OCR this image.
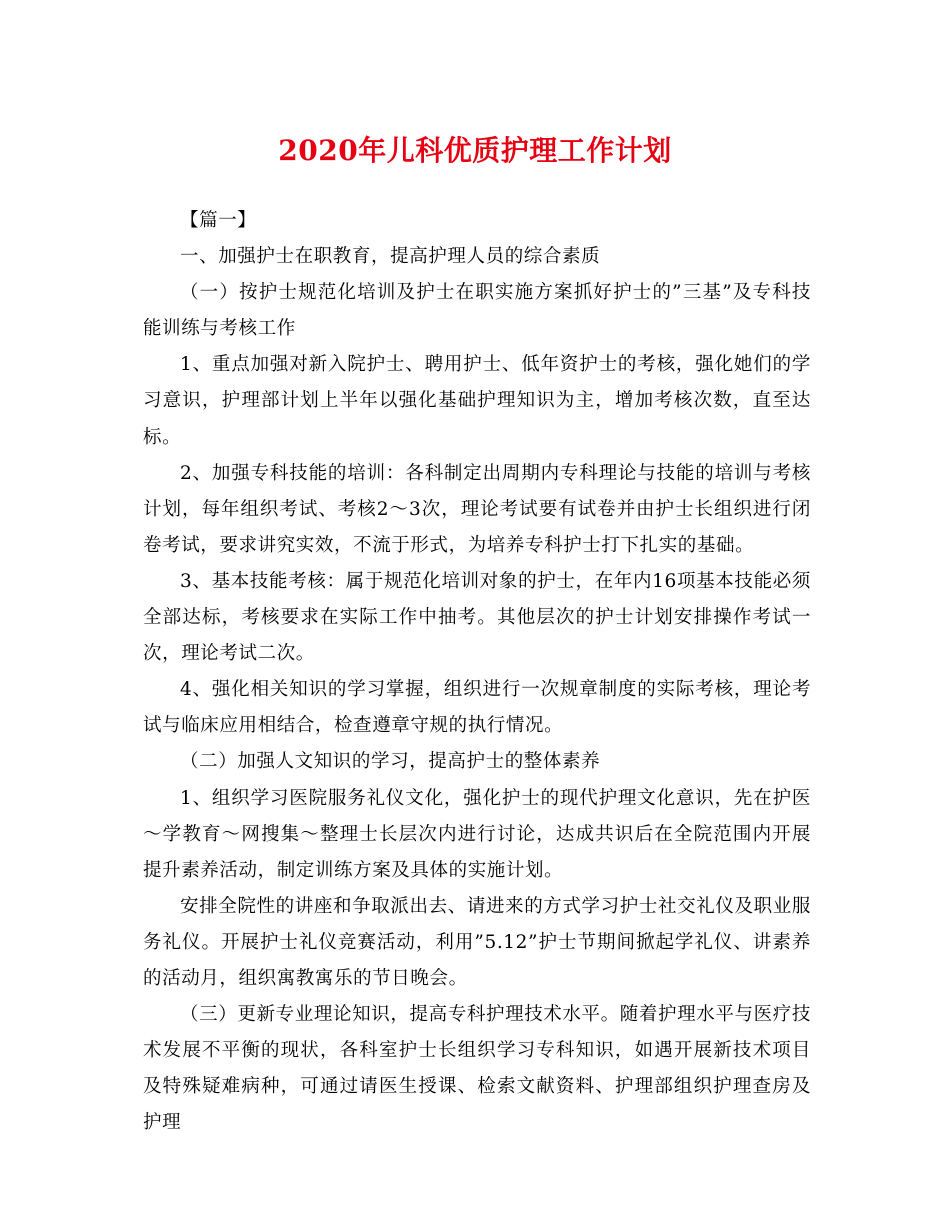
2020年儿科优质护理工作计划

【篇一】

一、加强护士在职教育，提高护理人员的综合素质

（一）按护士规范化培训及护士在职实施方案抓好护士的”三基”及专科技能训练与考核工作

1、重点加强对新入院护士、聘用护士、低年资护士的考核，强化她们的学习意识，护理部计划上半年以强化基础护理知识为主，增加考核次数，直至达标。

2、加强专科技能的培训：各科制定出周期内专科理论与技能的培训与考核计划，每年组织考试、考核2～3次，理论考试要有试卷并由护士长组织进行闭卷考试，要求讲究实效，不流于形式，为培养专科护士打下扎实的基础。

3、基本技能考核：属于规范化培训对象的护士，在年内16项基本技能必须全部达标，考核要求在实际工作中抽考。其他层次的护士计划安排操作考试一次，理论考试二次。

4、强化相关知识的学习掌握，组织进行一次规章制度的实际考核，理论考试与临床应用相结合，检查遵章守规的执行情况。

（二）加强人文知识的学习，提高护士的整体素养

1、组织学习医院服务礼仪文化，强化护士的现代护理文化意识，先在护医～学教育～网搜集～整理士长层次内进行讨论，达成共识后在全院范围内开展提升素养活动，制定训练方案及具体的实施计划。

安排全院性的讲座和争取派出去、请进来的方式学习护士社交礼仪及职业服务礼仪。开展护士礼仪竞赛活动，利用”5.12”护士节期间掀起学礼仪、讲素养的活动月，组织寓教寓乐的节日晚会。

（三）更新专业理论知识，提高专科护理技术水平。随着护理水平与医疗技术发展不平衡的现状，各科室护士长组织学习专科知识，如遇开展新技术项目及特殊疑难病种，可通过请医生授课、检索文献资料、护理部组织护理查房及护理
